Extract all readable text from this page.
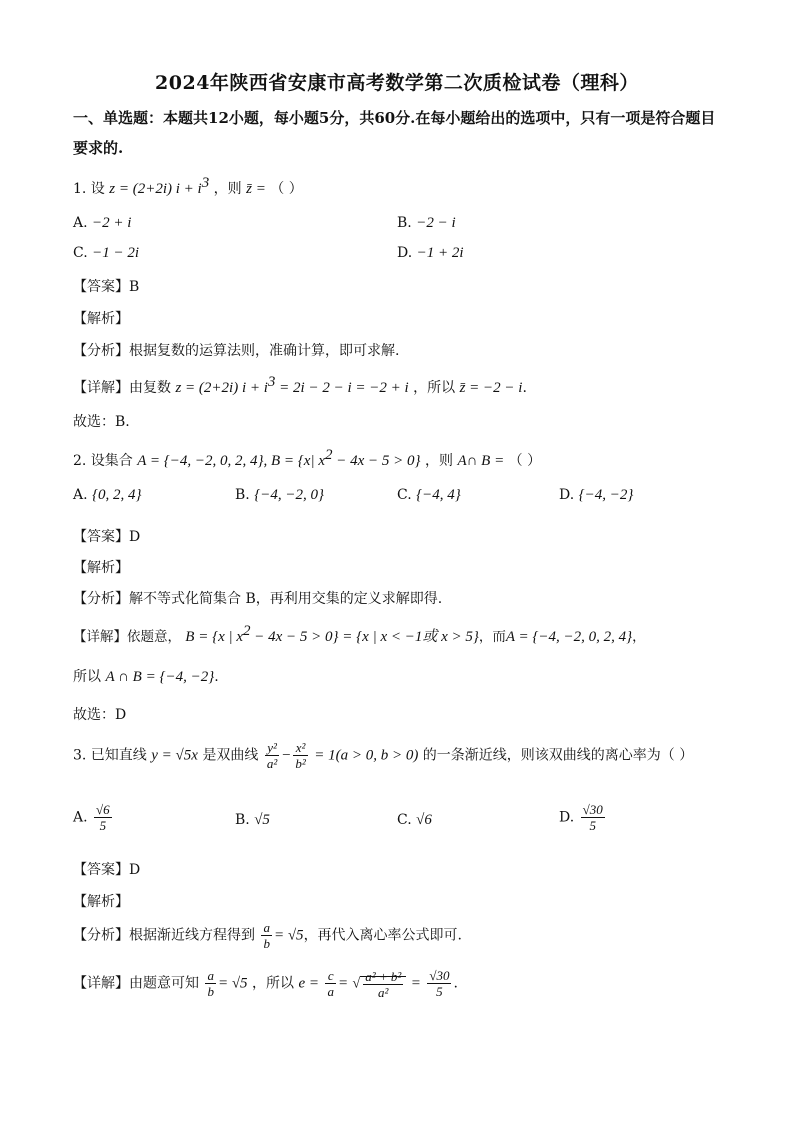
2024年陕西省安康市高考数学第二次质检试卷（理科）
一、单选题：本题共12小题，每小题5分，共60分.在每小题给出的选项中，只有一项是符合题目要求的.
1. 设 z = (2+2i) $i + i^3$ ，则 z̄ = （ ）
A. −2 + i	B. −2 − i
C. −1 − 2i	D. −1 + 2i
【答案】B
【解析】
【分析】根据复数的运算法则，准确计算，即可求解.
【详解】由复数 z = (2+2i) $i + i^3 = 2i - 2 - i = -2 + i$ ，所以 z̄ = −2 − i.
故选：B.
2. 设集合 A = {−4, −2, 0, 2, 4}, B = {x| $x^2 - 4x - 5 > 0$} ，则 A∩ B = （ ）
A. {0, 2, 4}	B. {−4, −2, 0}	C. {−4, 4}	D. {−4, −2}
【答案】D
【解析】
【分析】解不等式化简集合 B，再利用交集的定义求解即得.
【详解】依题意， B = {x | $x^2 - 4x - 5 > 0\} = \{x$ | x < −1或 x > 5}，而A = {−4, −2, 0, 2, 4}，
所以 A ∩ B = {−4, −2}.
故选：D
3. 已知直线 y = √5x 是双曲线 $\frac{\text{y²}}{\text{a²}} - \frac{\text{x²}}{\text{b²}} = 1(a > 0$, b > 0) 的一条渐近线，则该双曲线的离心率为（ ）
A. $\frac{√6}{5}$	B. √5	C. √6	D. $\frac{√30}{5}$
【答案】D
【解析】
【分析】根据渐近线方程得到 $\frac{a}{b} = √5$，再代入离心率公式即可.
【详解】由题意可知 $\frac{a}{b} = √5$ ，所以 $e = \frac{c}{a}$ = √ $\frac{\text{a² + b²}}{\text{a²}} = \frac{√30}{5}$ .
